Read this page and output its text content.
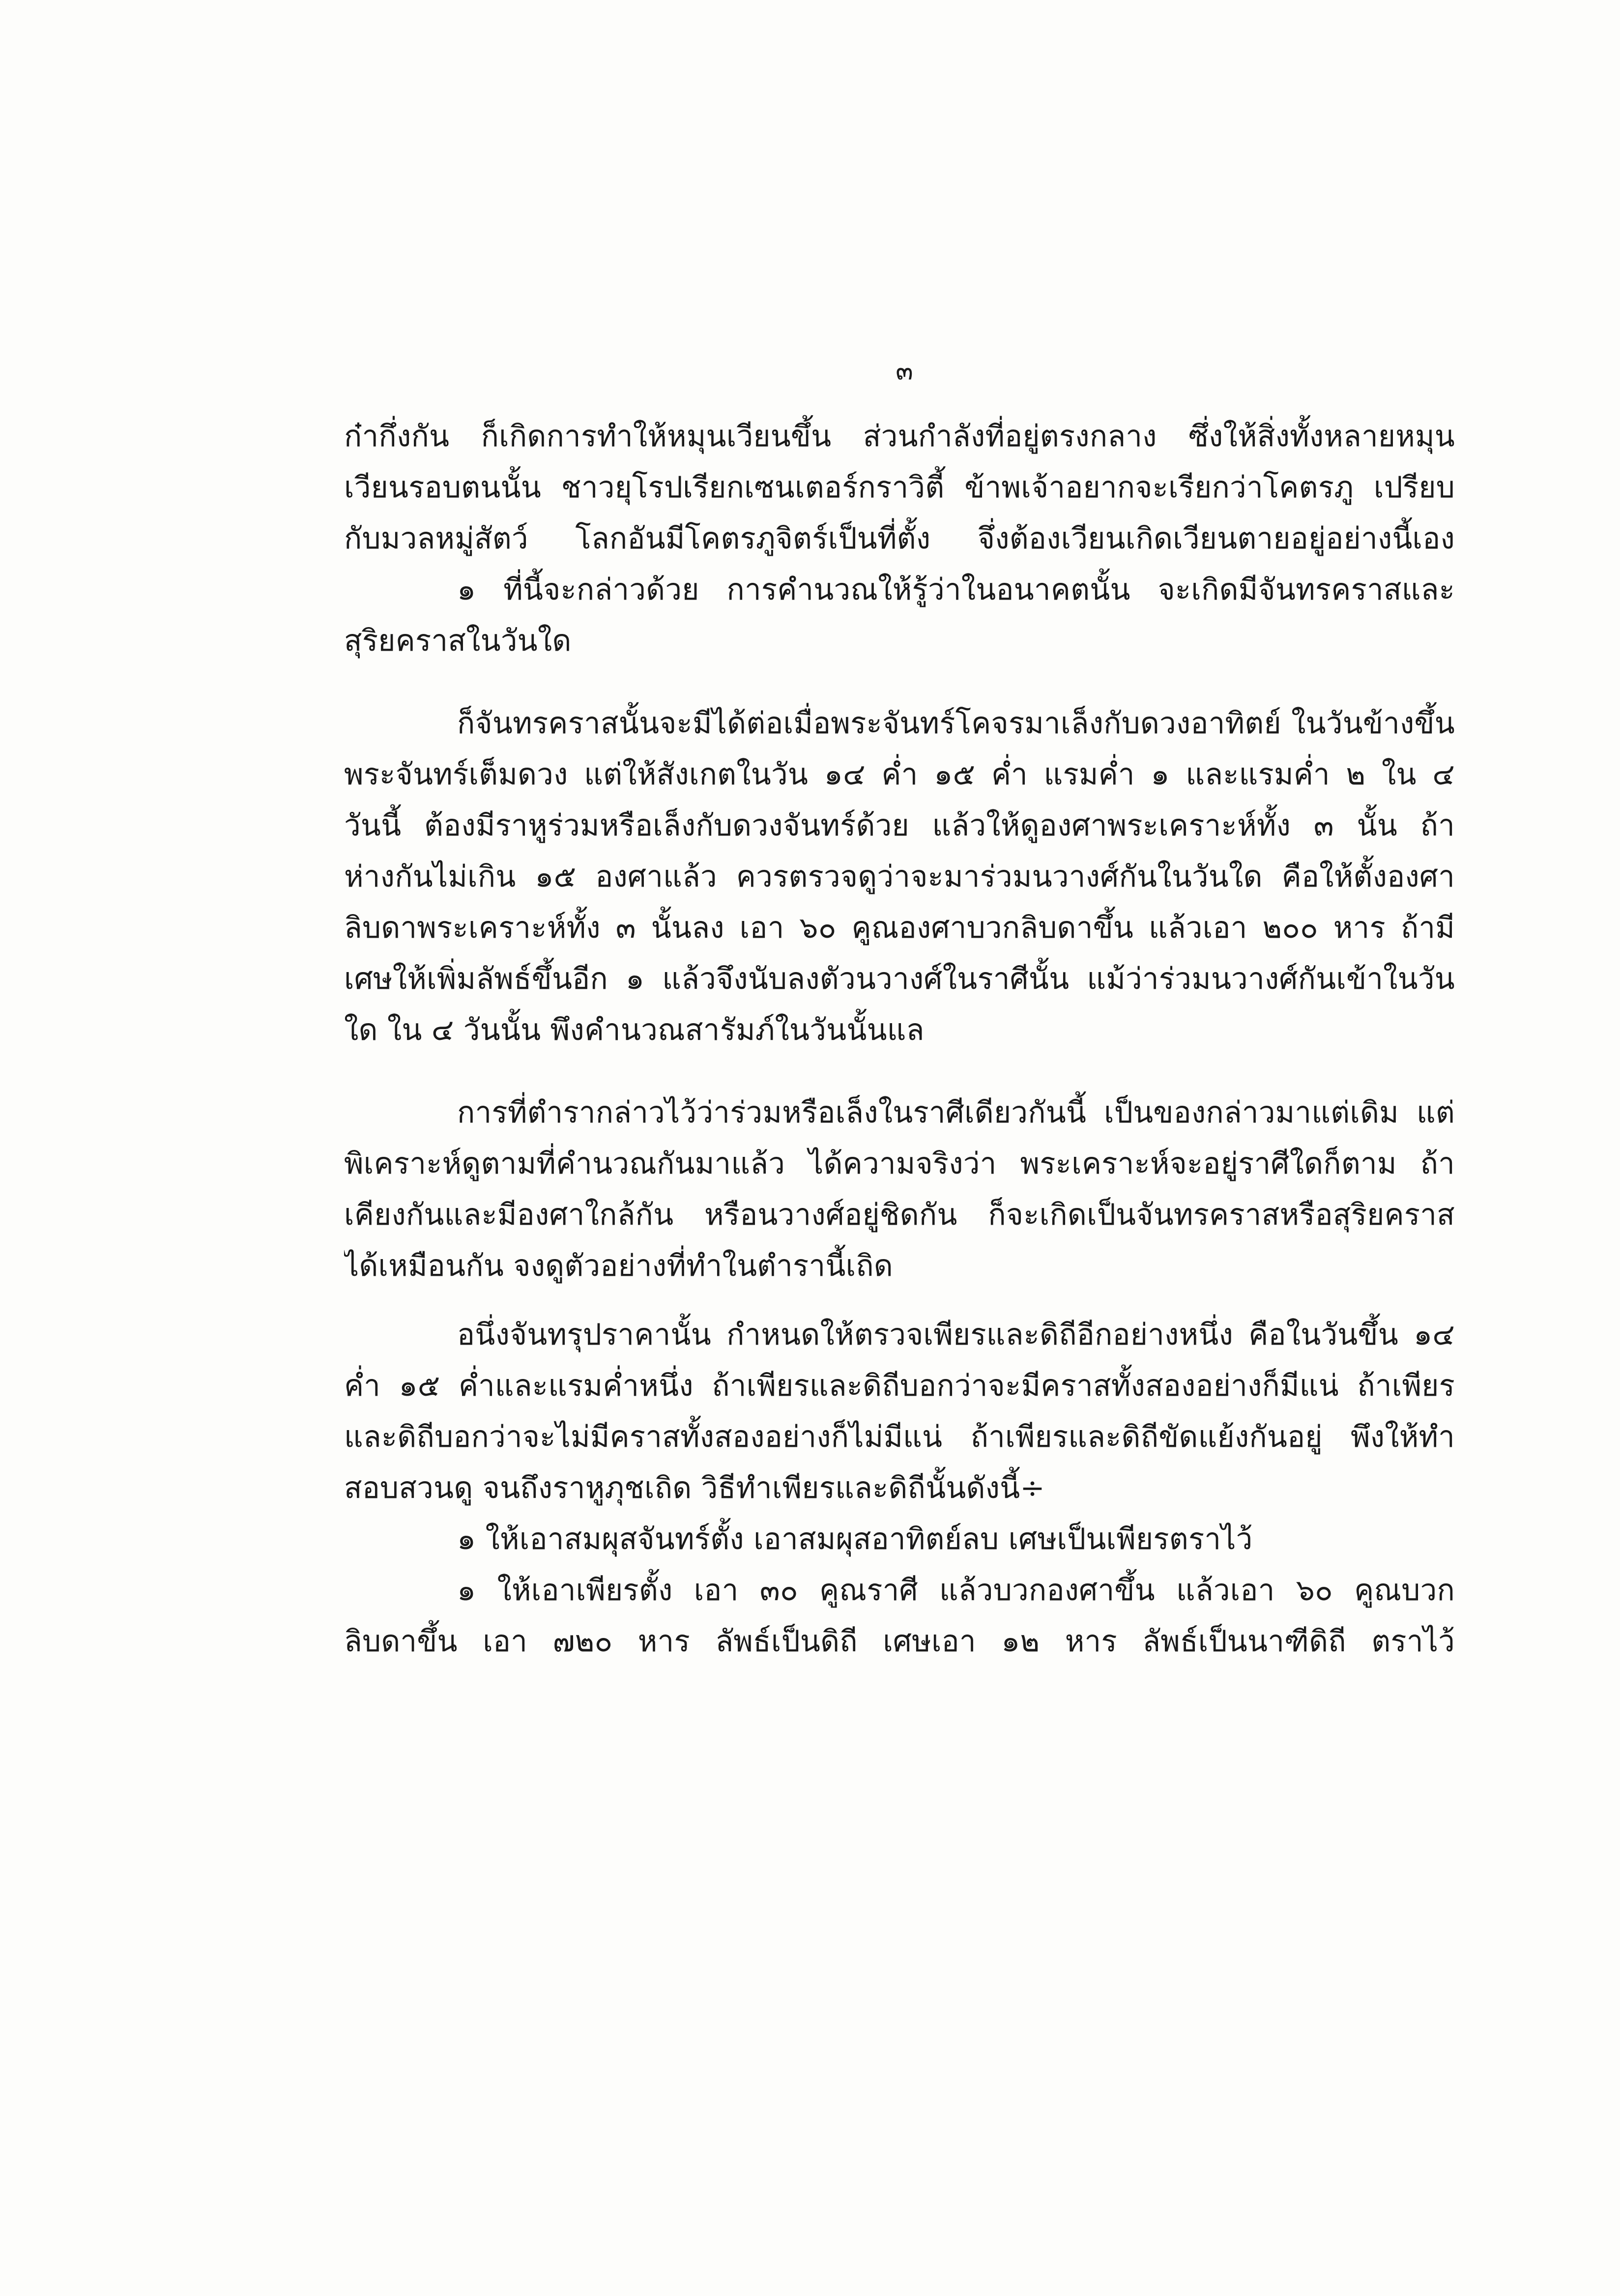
๓
ก๋ากึ่งกัน ก็เกิดการทำให้หมุนเวียนขึ้น ส่วนกำลังที่อยู่ตรงกลาง ซึ่งให้สิ่งทั้งหลายหมุน
เวียนรอบตนนั้น ชาวยุโรปเรียกเซนเตอร์กราวิตี้ ข้าพเจ้าอยากจะเรียกว่าโคตรภู เปรียบ
กับมวลหมู่สัตว์ โลกอันมีโคตรภูจิตร์เป็นที่ตั้ง จึ่งต้องเวียนเกิดเวียนตายอยู่อย่างนี้เอง
๑ ที่นี้จะกล่าวด้วย การคำนวณให้รู้ว่าในอนาคตนั้น จะเกิดมีจันทรคราสและ
สุริยคราสในวันใด
ก็จันทรคราสนั้นจะมีได้ต่อเมื่อพระจันทร์โคจรมาเล็งกับดวงอาทิตย์ ในวันข้างขึ้น
พระจันทร์เต็มดวง แต่ให้สังเกตในวัน ๑๔ ค่ำ ๑๕ ค่ำ แรมค่ำ ๑ และแรมค่ำ ๒ ใน ๔
วันนี้ ต้องมีราหูร่วมหรือเล็งกับดวงจันทร์ด้วย แล้วให้ดูองศาพระเคราะห์ทั้ง ๓ นั้น ถ้า
ห่างกันไม่เกิน ๑๕ องศาแล้ว ควรตรวจดูว่าจะมาร่วมนวางศ์กันในวันใด คือให้ตั้งองศา
ลิบดาพระเคราะห์ทั้ง ๓ นั้นลง เอา ๖๐ คูณองศาบวกลิบดาขึ้น แล้วเอา ๒๐๐ หาร ถ้ามี
เศษให้เพิ่มลัพธ์ขึ้นอีก ๑ แล้วจึงนับลงตัวนวางศ์ในราศีนั้น แม้ว่าร่วมนวางศ์กันเข้าในวัน
ใด ใน ๔ วันนั้น พึงคำนวณสารัมภ์ในวันนั้นแล
การที่ตำรากล่าวไว้ว่าร่วมหรือเล็งในราศีเดียวกันนี้ เป็นของกล่าวมาแต่เดิม แต่
พิเคราะห์ดูตามที่คำนวณกันมาแล้ว ได้ความจริงว่า พระเคราะห์จะอยู่ราศีใดก็ตาม ถ้า
เคียงกันและมีองศาใกล้กัน หรือนวางศ์อยู่ชิดกัน ก็จะเกิดเป็นจันทรคราสหรือสุริยคราส
ได้เหมือนกัน จงดูตัวอย่างที่ทำในตำรานี้เถิด
อนึ่งจันทรุปราคานั้น กำหนดให้ตรวจเพียรและดิถีอีกอย่างหนึ่ง คือในวันขึ้น ๑๔
ค่ำ ๑๕ ค่ำและแรมค่ำหนึ่ง ถ้าเพียรและดิถีบอกว่าจะมีคราสทั้งสองอย่างก็มีแน่ ถ้าเพียร
และดิถีบอกว่าจะไม่มีคราสทั้งสองอย่างก็ไม่มีแน่ ถ้าเพียรและดิถีขัดแย้งกันอยู่ พึงให้ทำ
สอบสวนดู จนถึงราหูภุชเถิด วิธีทำเพียรและดิถีนั้นดังนี้÷
๑ ให้เอาสมผุสจันทร์ตั้ง เอาสมผุสอาทิตย์ลบ เศษเป็นเพียรตราไว้
๑ ให้เอาเพียรตั้ง เอา ๓๐ คูณราศี แล้วบวกองศาขึ้น แล้วเอา ๖๐ คูณบวก
ลิบดาขึ้น เอา ๗๒๐ หาร ลัพธ์เป็นดิถี เศษเอา ๑๒ หาร ลัพธ์เป็นนาฑีดิถี ตราไว้
